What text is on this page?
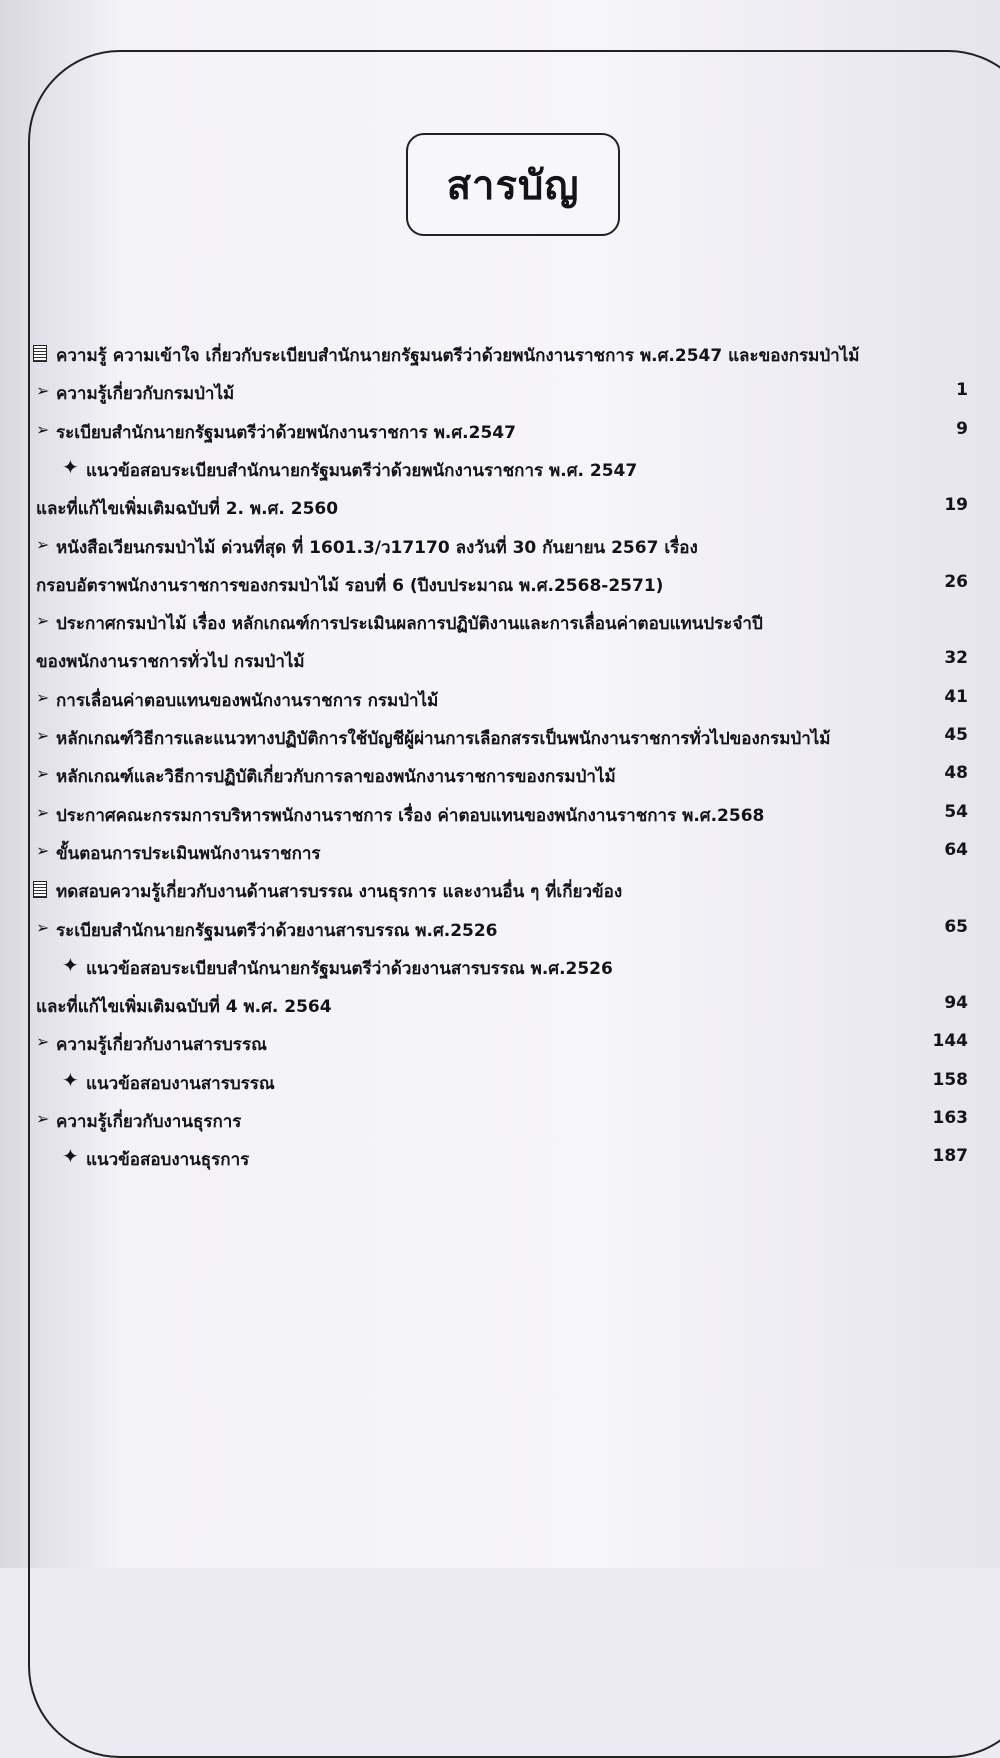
สารบัญ
ความรู้ ความเข้าใจ เกี่ยวกับระเบียบสำนักนายกรัฐมนตรีว่าด้วยพนักงานราชการ พ.ศ.2547 และของกรมป่าไม้
➢ ความรู้เกี่ยวกับกรมป่าไม้	1
➢ ระเบียบสำนักนายกรัฐมนตรีว่าด้วยพนักงานราชการ พ.ศ.2547	9
✦ แนวข้อสอบระเบียบสำนักนายกรัฐมนตรีว่าด้วยพนักงานราชการ พ.ศ. 2547
และที่แก้ไขเพิ่มเติมฉบับที่ 2. พ.ศ. 2560	19
➢ หนังสือเวียนกรมป่าไม้ ด่วนที่สุด ที่ 1601.3/ว17170 ลงวันที่ 30 กันยายน 2567 เรื่อง
กรอบอัตราพนักงานราชการของกรมป่าไม้ รอบที่ 6 (ปีงบประมาณ พ.ศ.2568-2571)	26
➢ ประกาศกรมป่าไม้ เรื่อง หลักเกณฑ์การประเมินผลการปฏิบัติงานและการเลื่อนค่าตอบแทนประจำปี
ของพนักงานราชการทั่วไป กรมป่าไม้	32
➢ การเลื่อนค่าตอบแทนของพนักงานราชการ กรมป่าไม้	41
➢ หลักเกณฑ์วิธีการและแนวทางปฏิบัติการใช้บัญชีผู้ผ่านการเลือกสรรเป็นพนักงานราชการทั่วไปของกรมป่าไม้	45
➢ หลักเกณฑ์และวิธีการปฏิบัติเกี่ยวกับการลาของพนักงานราชการของกรมป่าไม้	48
➢ ประกาศคณะกรรมการบริหารพนักงานราชการ เรื่อง ค่าตอบแทนของพนักงานราชการ พ.ศ.2568	54
➢ ขั้นตอนการประเมินพนักงานราชการ	64
ทดสอบความรู้เกี่ยวกับงานด้านสารบรรณ งานธุรการ และงานอื่น ๆ ที่เกี่ยวข้อง
➢ ระเบียบสำนักนายกรัฐมนตรีว่าด้วยงานสารบรรณ พ.ศ.2526	65
✦ แนวข้อสอบระเบียบสำนักนายกรัฐมนตรีว่าด้วยงานสารบรรณ พ.ศ.2526
และที่แก้ไขเพิ่มเติมฉบับที่ 4 พ.ศ. 2564	94
➢ ความรู้เกี่ยวกับงานสารบรรณ	144
✦ แนวข้อสอบงานสารบรรณ	158
➢ ความรู้เกี่ยวกับงานธุรการ	163
✦ แนวข้อสอบงานธุรการ	187
